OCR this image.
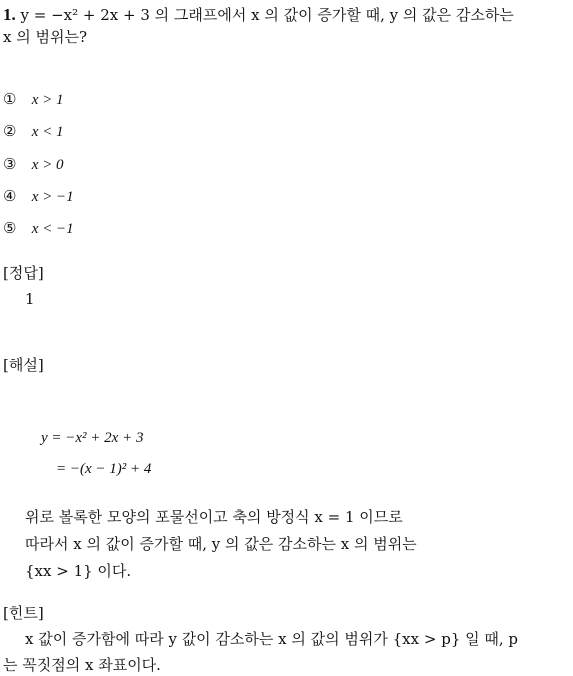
1. y = −x² + 2x + 3 의 그래프에서 x 의 값이 증가할 때, y 의 값은 감소하는
x 의 범위는?
① x > 1
② x < 1
③ x > 0
④ x > −1
⑤ x < −1
[정답]
1
[해설]
y = −x² + 2x + 3
= −(x − 1)² + 4
위로 볼록한 모양의 포물선이고 축의 방정식 x = 1 이므로
따라서 x 의 값이 증가할 때, y 의 값은 감소하는 x 의 범위는
{xx > 1} 이다.
[힌트]
x 값이 증가함에 따라 y 값이 감소하는 x 의 값의 범위가 {xx > p} 일 때, p
는 꼭짓점의 x 좌표이다.
